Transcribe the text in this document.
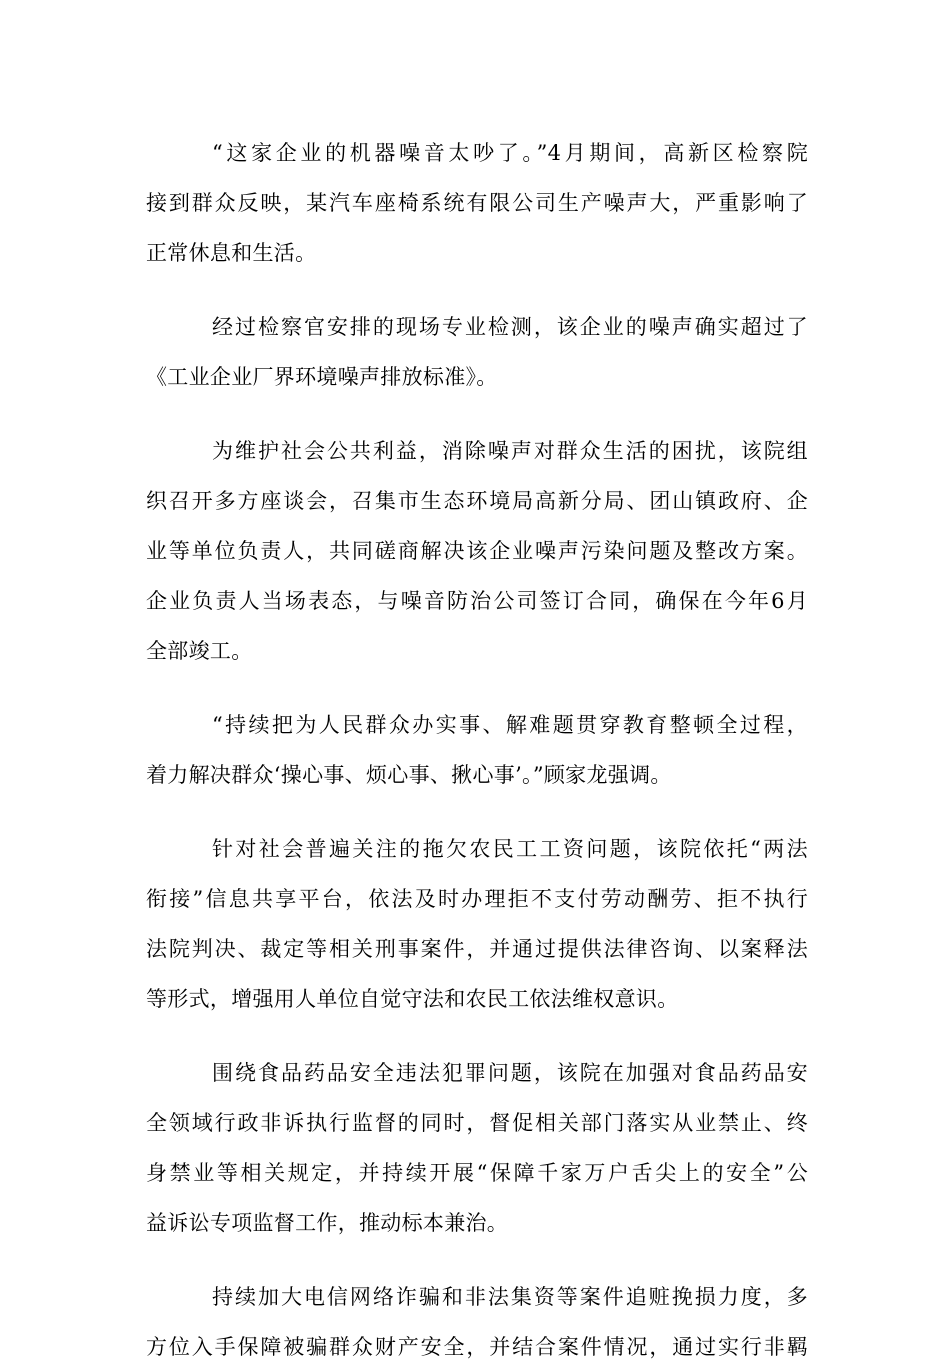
“这家企业的机器噪音太吵了。”4月期间，高新区检察院
接到群众反映，某汽车座椅系统有限公司生产噪声大，严重影响了
正常休息和生活。
经过检察官安排的现场专业检测，该企业的噪声确实超过了
《工业企业厂界环境噪声排放标准》。
为维护社会公共利益，消除噪声对群众生活的困扰，该院组
织召开多方座谈会，召集市生态环境局高新分局、团山镇政府、企
业等单位负责人，共同磋商解决该企业噪声污染问题及整改方案。
企业负责人当场表态，与噪音防治公司签订合同，确保在今年6月
全部竣工。
“持续把为人民群众办实事、解难题贯穿教育整顿全过程，
着力解决群众‘操心事、烦心事、揪心事’。”顾家龙强调。
针对社会普遍关注的拖欠农民工工资问题，该院依托“两法
衔接”信息共享平台，依法及时办理拒不支付劳动酬劳、拒不执行
法院判决、裁定等相关刑事案件，并通过提供法律咨询、以案释法
等形式，增强用人单位自觉守法和农民工依法维权意识。
围绕食品药品安全违法犯罪问题，该院在加强对食品药品安
全领域行政非诉执行监督的同时，督促相关部门落实从业禁止、终
身禁业等相关规定，并持续开展“保障千家万户舌尖上的安全”公
益诉讼专项监督工作，推动标本兼治。
持续加大电信网络诈骗和非法集资等案件追赃挽损力度，多
方位入手保障被骗群众财产安全，并结合案件情况，通过实行非羁
